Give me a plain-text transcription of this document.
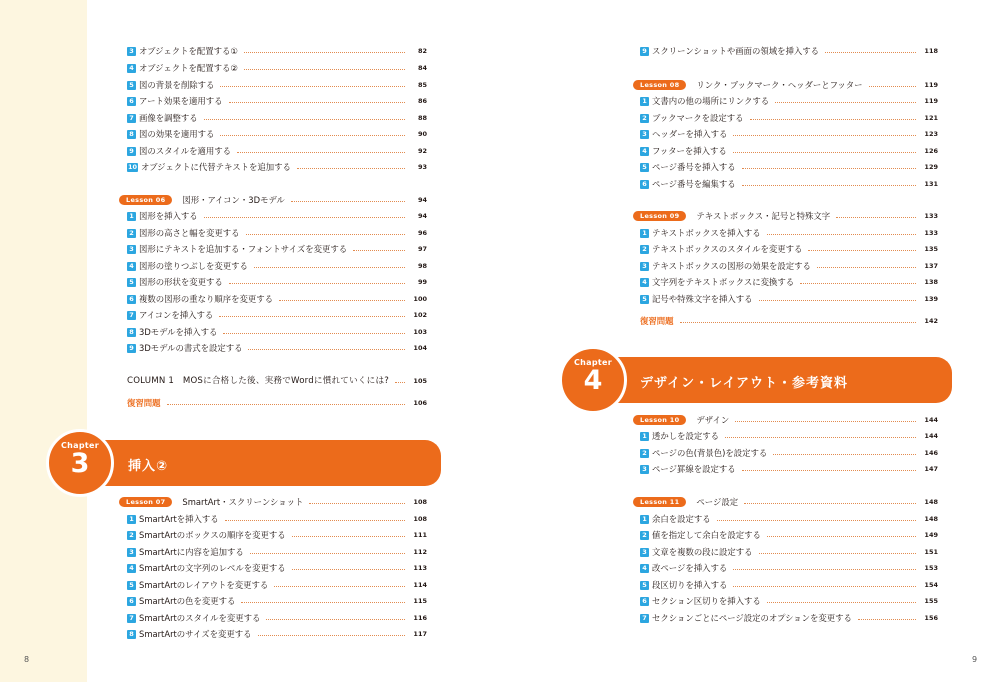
8	9
3 オブジェクトを配置する①	82
4 オブジェクトを配置する②	84
5 図の背景を削除する	85
6 アート効果を適用する	86
7 画像を調整する	88
8 図の効果を適用する	90
9 図のスタイルを適用する	92
10 オブジェクトに代替テキストを追加する	93
Lesson 06	図形・アイコン・3Dモデル	94
1 図形を挿入する	94
2 図形の高さと幅を変更する	96
3 図形にテキストを追加する・フォントサイズを変更する	97
4 図形の塗りつぶしを変更する	98
5 図形の形状を変更する	99
6 複数の図形の重なり順序を変更する	100
7 アイコンを挿入する	102
8 3Dモデルを挿入する	103
9 3Dモデルの書式を設定する	104
COLUMN 1　MOSに合格した後、実務でWordに慣れていくには?	105
復習問題	106
Chapter
3	挿入②
Lesson 07	SmartArt・スクリーンショット	108
1 SmartArtを挿入する	108
2 SmartArtのボックスの順序を変更する	111
3 SmartArtに内容を追加する	112
4 SmartArtの文字列のレベルを変更する	113
5 SmartArtのレイアウトを変更する	114
6 SmartArtの色を変更する	115
7 SmartArtのスタイルを変更する	116
8 SmartArtのサイズを変更する	117
9 スクリーンショットや画面の領域を挿入する	118
Lesson 08	リンク・ブックマーク・ヘッダーとフッター	119
1 文書内の他の場所にリンクする	119
2 ブックマークを設定する	121
3 ヘッダーを挿入する	123
4 フッターを挿入する	126
5 ページ番号を挿入する	129
6 ページ番号を編集する	131
Lesson 09	テキストボックス・記号と特殊文字	133
1 テキストボックスを挿入する	133
2 テキストボックスのスタイルを変更する	135
3 テキストボックスの図形の効果を設定する	137
4 文字列をテキストボックスに変換する	138
5 記号や特殊文字を挿入する	139
復習問題	142
Chapter
4	デザイン・レイアウト・参考資料
Lesson 10	デザイン	144
1 透かしを設定する	144
2 ページの色(背景色)を設定する	146
3 ページ罫線を設定する	147
Lesson 11	ページ設定	148
1 余白を設定する	148
2 値を指定して余白を設定する	149
3 文章を複数の段に設定する	151
4 改ページを挿入する	153
5 段区切りを挿入する	154
6 セクション区切りを挿入する	155
7 セクションごとにページ設定のオプションを変更する	156
